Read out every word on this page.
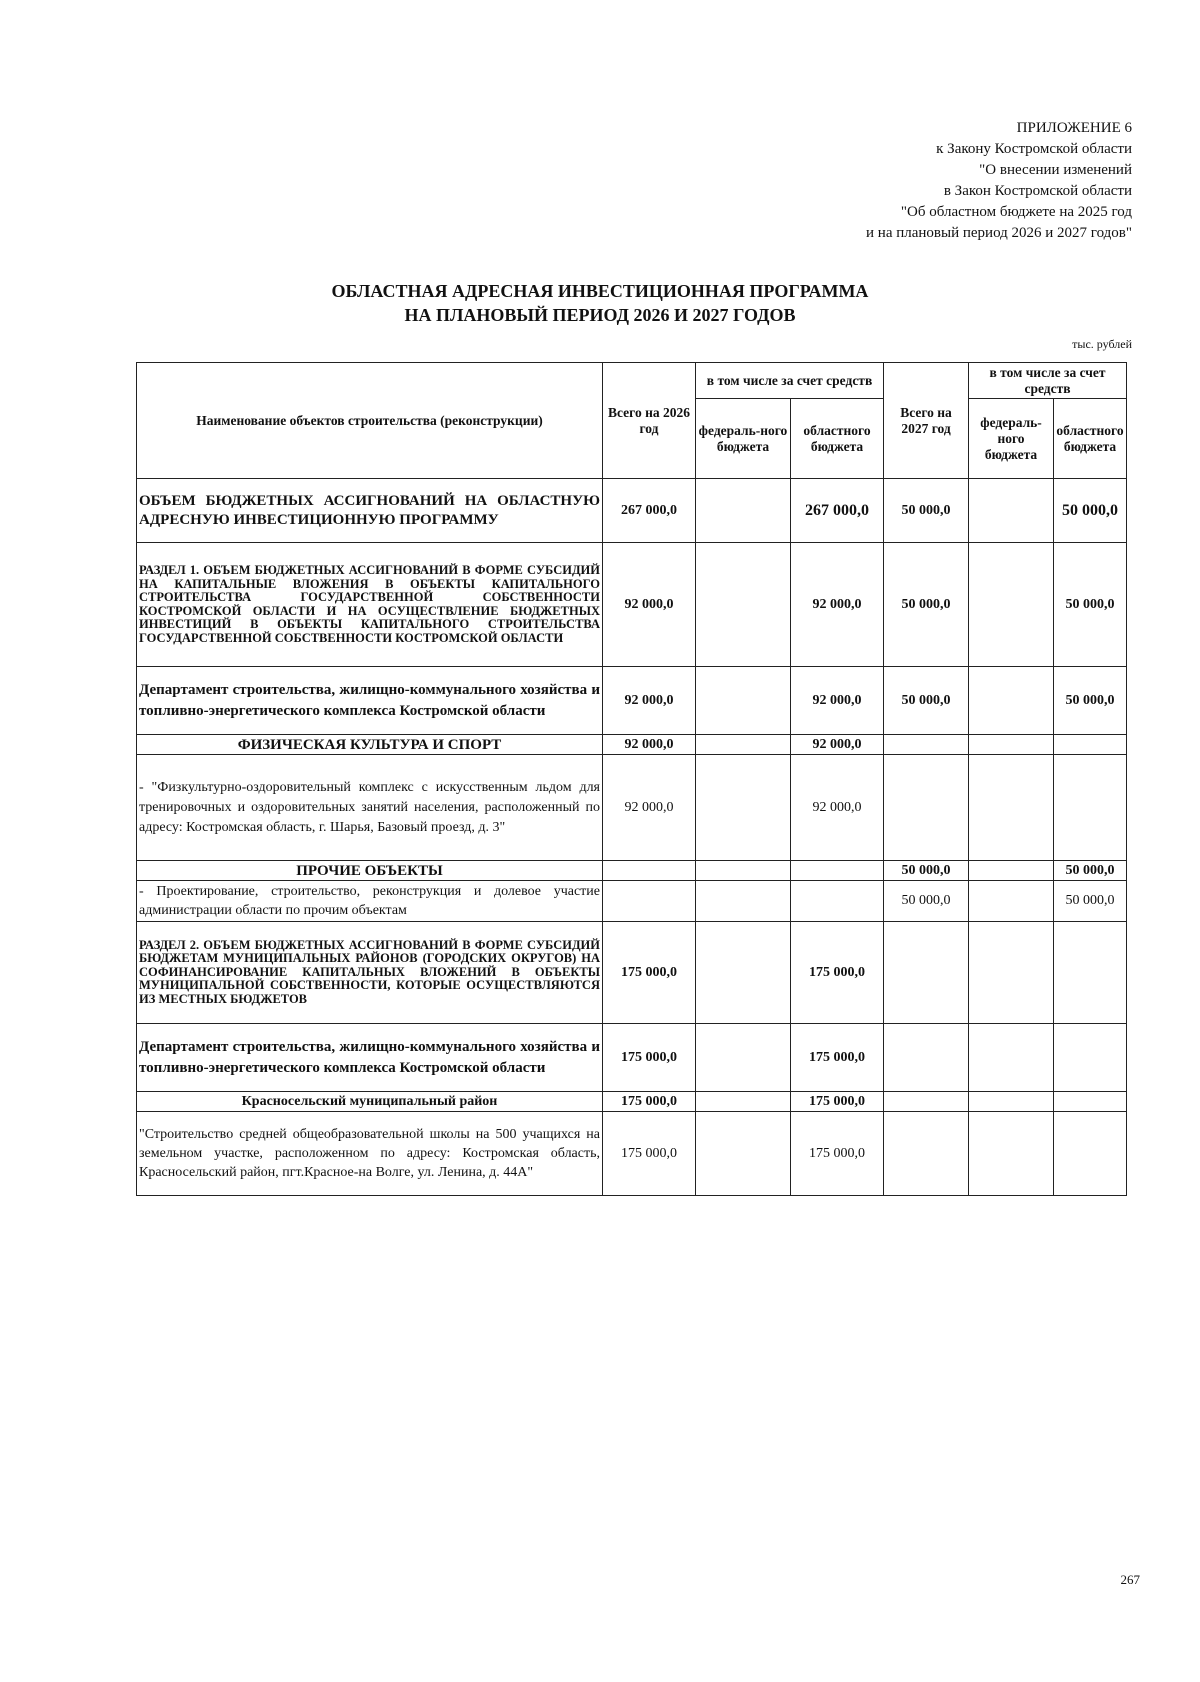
ПРИЛОЖЕНИЕ 6
к Закону Костромской области
"О внесении изменений
в Закон Костромской области
"Об областном бюджете на 2025 год
и на плановый период 2026 и 2027 годов"
ОБЛАСТНАЯ АДРЕСНАЯ ИНВЕСТИЦИОННАЯ ПРОГРАММА
НА ПЛАНОВЫЙ ПЕРИОД 2026 И 2027 ГОДОВ
тыс. рублей
Наименование объектов строительства (реконструкции)	Всего на 2026 год	в том числе за счет средств		Всего на 2027 год	в том числе за счет средств	
		федераль-ного бюджета	областного бюджета		федераль-ного бюджета	областного бюджета
ОБЪЕМ БЮДЖЕТНЫХ АССИГНОВАНИЙ НА ОБЛАСТНУЮ АДРЕСНУЮ ИНВЕСТИЦИОННУЮ ПРОГРАММУ	267 000,0		267 000,0	50 000,0		50 000,0
РАЗДЕЛ 1. ОБЪЕМ БЮДЖЕТНЫХ АССИГНОВАНИЙ В ФОРМЕ СУБСИДИЙ НА КАПИТАЛЬНЫЕ ВЛОЖЕНИЯ В ОБЪЕКТЫ КАПИТАЛЬНОГО СТРОИТЕЛЬСТВА ГОСУДАРСТВЕННОЙ СОБСТВЕННОСТИ КОСТРОМСКОЙ ОБЛАСТИ И НА ОСУЩЕСТВЛЕНИЕ БЮДЖЕТНЫХ ИНВЕСТИЦИЙ В ОБЪЕКТЫ КАПИТАЛЬНОГО СТРОИТЕЛЬСТВА ГОСУДАРСТВЕННОЙ СОБСТВЕННОСТИ КОСТРОМСКОЙ ОБЛАСТИ	92 000,0		92 000,0	50 000,0		50 000,0
Департамент строительства, жилищно-коммунального хозяйства и топливно-энергетического комплекса Костромской области	92 000,0		92 000,0	50 000,0		50 000,0
ФИЗИЧЕСКАЯ КУЛЬТУРА И СПОРТ	92 000,0		92 000,0			
- "Физкультурно-оздоровительный комплекс с искусственным льдом для тренировочных и оздоровительных занятий населения, расположенный по адресу: Костромская область, г. Шарья, Базовый проезд, д. 3"	92 000,0		92 000,0			
ПРОЧИЕ ОБЪЕКТЫ				50 000,0		50 000,0
- Проектирование, строительство, реконструкция и долевое участие администрации области по прочим объектам				50 000,0		50 000,0
РАЗДЕЛ 2. ОБЪЕМ БЮДЖЕТНЫХ АССИГНОВАНИЙ В ФОРМЕ СУБСИДИЙ БЮДЖЕТАМ МУНИЦИПАЛЬНЫХ РАЙОНОВ (ГОРОДСКИХ ОКРУГОВ) НА СОФИНАНСИРОВАНИЕ КАПИТАЛЬНЫХ ВЛОЖЕНИЙ В ОБЪЕКТЫ МУНИЦИПАЛЬНОЙ СОБСТВЕННОСТИ, КОТОРЫЕ ОСУЩЕСТВЛЯЮТСЯ ИЗ МЕСТНЫХ БЮДЖЕТОВ	175 000,0		175 000,0			
Департамент строительства, жилищно-коммунального хозяйства и топливно-энергетического комплекса Костромской области	175 000,0		175 000,0			
Красносельский муниципальный район	175 000,0		175 000,0			
"Строительство средней общеобразовательной школы на 500 учащихся на земельном участке, расположенном по адресу: Костромская область, Красносельский район, пгт.Красное-на Волге, ул. Ленина, д. 44А"	175 000,0		175 000,0			
267
